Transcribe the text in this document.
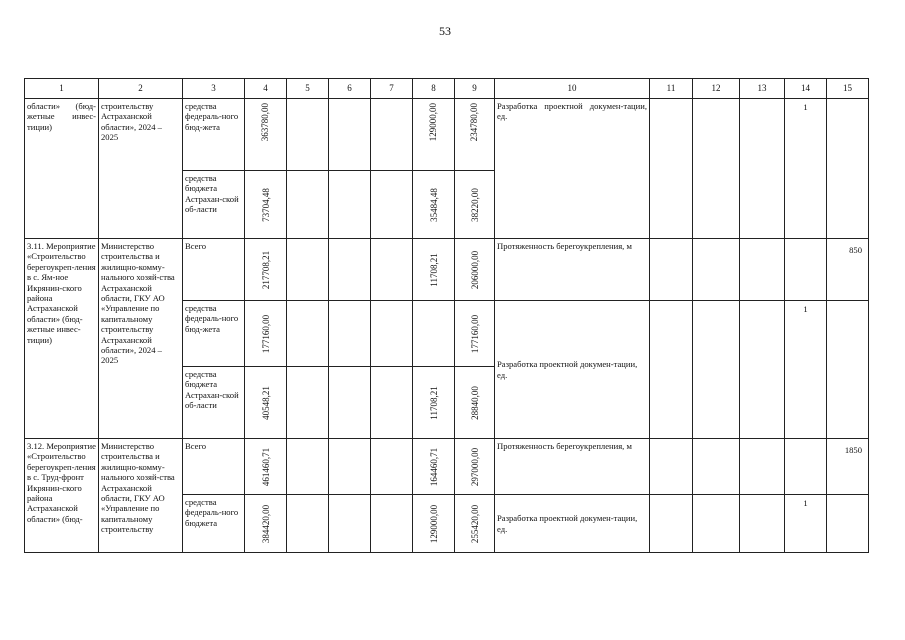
53
1	2	3	4	5	6	7	8	9	10	11	12	13	14	15
области» (бюд-жетные инвес-тиции)	строительству Астраханской области», 2024 – 2025	средства федераль-ного бюд-жета	363780,00				129000,00	234780,00	Разработка проектной докумен-тации, ед.				1	
		средства бюджета Астрахан-ской об-ласти	73704,48				35484,48	38220,00						

3.11. Мероприятие «Строительство берегоукреп-ления в с. Ям-ное Икрянин-ского района Астраханской области» (бюд-жетные инвес-тиции)	Министерство строительства и жилищно-комму-нального хозяй-ства Астраханской области, ГКУ АО «Управление по капитальному строительству Астраханской области», 2024 – 2025	Всего	217708,21				11708,21	206000,00	Протяженность берегоукрепления, м					850
		средства федераль-ного бюд-жета	177160,00					177160,00	Разработка проектной докумен-тации, ед.				1	
		средства бюджета Астрахан-ской об-ласти	40548,21				11708,21	28840,00						

3.12. Мероприятие «Строительство берегоукреп-ления в с. Труд-фронт Икрянин-ского района Астраханской области» (бюд-	Министерство строительства и жилищно-комму-нального хозяй-ства Астраханской области, ГКУ АО «Управление по капитальному строительству	Всего	461460,71				164460,71	297000,00	Протяженность берегоукрепления, м					1850
		средства федераль-ного бюджета	384420,00				129000,00	255420,00	Разработка проектной докумен-тации, ед.				1	
